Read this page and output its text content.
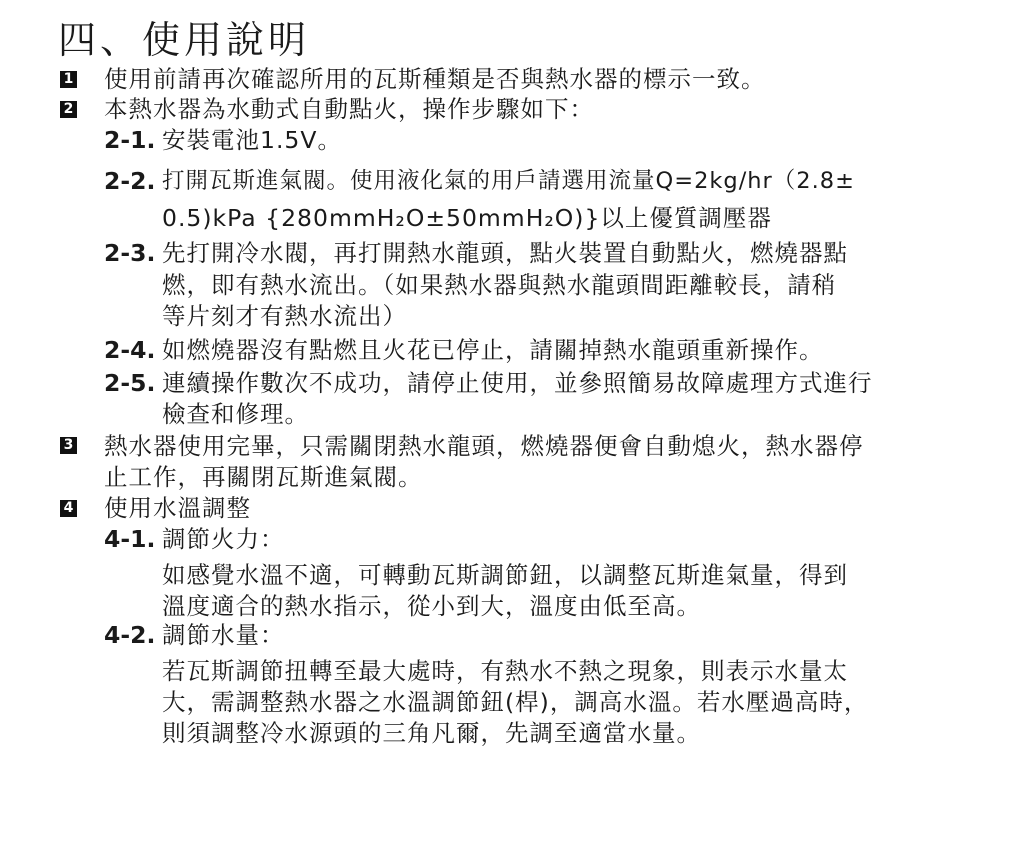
四、使用說明
1 使用前請再次確認所用的瓦斯種類是否與熱水器的標示一致。
2 本熱水器為水動式自動點火，操作步驟如下：
2-1. 安裝電池1.5V。
2-2. 打開瓦斯進氣閥。使用液化氣的用戶請選用流量Q=2kg/hr（2.8±
0.5)kPa {280mmH₂O±50mmH₂O)}以上優質調壓器
2-3. 先打開冷水閥，再打開熱水龍頭，點火裝置自動點火，燃燒器點
燃，即有熱水流出。（如果熱水器與熱水龍頭間距離較長，請稍
等片刻才有熱水流出）
2-4. 如燃燒器沒有點燃且火花已停止，請關掉熱水龍頭重新操作。
2-5. 連續操作數次不成功，請停止使用，並參照簡易故障處理方式進行
檢查和修理。
3 熱水器使用完畢，只需關閉熱水龍頭，燃燒器便會自動熄火，熱水器停
止工作，再關閉瓦斯進氣閥。
4 使用水溫調整
4-1. 調節火力：
如感覺水溫不適，可轉動瓦斯調節鈕，以調整瓦斯進氣量，得到
溫度適合的熱水指示，從小到大，溫度由低至高。
4-2. 調節水量：
若瓦斯調節扭轉至最大處時，有熱水不熱之現象，則表示水量太
大，需調整熱水器之水溫調節鈕(桿)，調高水溫。若水壓過高時，
則須調整冷水源頭的三角凡爾，先調至適當水量。
